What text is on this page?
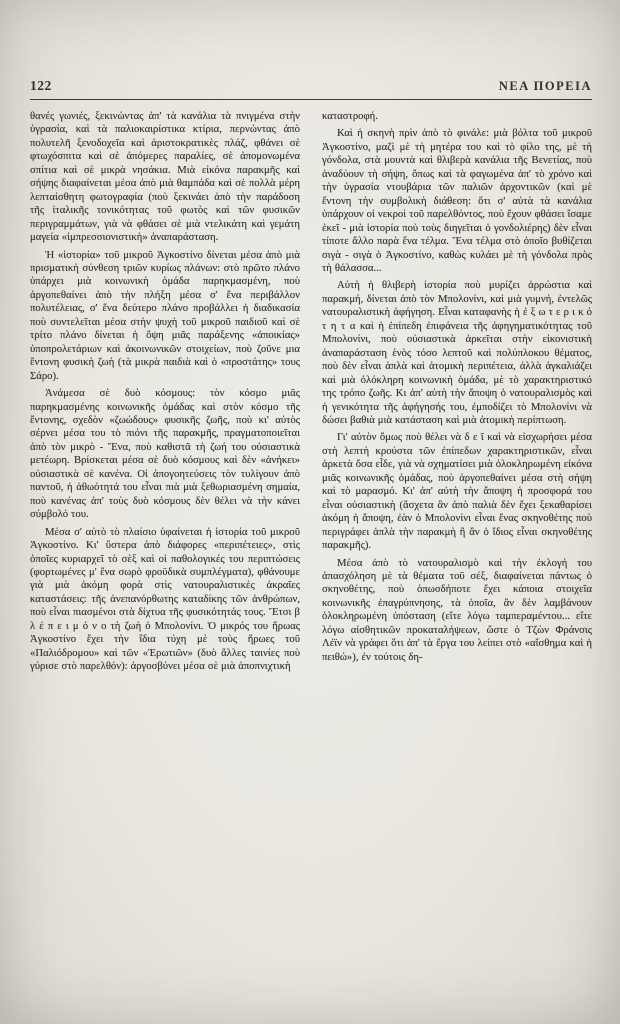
122	ΝΕΑ ΠΟΡΕΙΑ

θανές γωνιές, ξεκινώντας ἀπ' τὰ κανάλια τὰ πνιγμένα στὴν ὑγρασία, καὶ τὰ παλιοκαιρίστικα κτίρια, περνώντας ἀπὸ πολυτελῆ ξενοδοχεῖα καὶ ἀριστοκρατικὲς πλάζ, φθάνει σὲ φτωχόσπιτα καὶ σὲ ἀπόμερες παραλίες, σὲ ἀπομονωμένα σπίτια καὶ σὲ μικρὰ νησάκια. Μιὰ εἰκόνα παρακμῆς καὶ σήψης διαφαίνεται μέσα ἀπὸ μιὰ θαμπάδα καὶ σὲ πολλὰ μέρη λεπταίσθητη φωτογραφία (ποὺ ξεκινάει ἀπὸ τὴν παράδοση τῆς ἰταλικῆς τονικότητας τοῦ φωτὸς καὶ τῶν φυσικῶν περιγραμμάτων, γιὰ νὰ φθάσει σὲ μιὰ ντελικάτη καὶ γεμάτη μαγεία «ἰμπρεσσιονιστικὴ» ἀναπαράσταση.

Ἡ «ἱστορία» τοῦ μικροῦ Ἀγκοστίνο δίνεται μέσα ἀπὸ μιὰ πρισματικὴ σύνθεση τριῶν κυρίως πλάνων: στὸ πρῶτο πλάνο ὑπάρχει μιὰ κοινωνικὴ ὁμάδα παρηκμασμένη, ποὺ ἀργοπεθαίνει ἀπὸ τὴν πλήξη μέσα σ' ἕνα περιβάλλον πολυτέλειας, σ' ἕνα δεύτερο πλάνο προβάλλει ἡ διαδικασία ποὺ συντελεῖται μέσα στὴν ψυχὴ τοῦ μικροῦ παιδιοῦ καὶ σὲ τρίτο πλάνο δίνεται ἡ ὄψη μιᾶς παράξενης «ἀποικίας» ὑποπρολετάριων καὶ ἀκοινωνικῶν στοιχείων, ποὺ ζοῦνε μια ἔντονη φυσικὴ ζωὴ (τὰ μικρὰ παιδιὰ καὶ ὁ «προστάτης» τους Σάρο).

Ἀνάμεσα σὲ δυὸ κόσμους: τὸν κόσμο μιᾶς παρηκμασμένης κοινωνικῆς ὁμάδας καὶ στὸν κόσμο τῆς ἔντονης, σχεδὸν «ζωώδους» φυσικῆς ζωῆς, ποὺ κι' αὐτὸς σέρνει μέσα του τὸ πιόνι τῆς παρακμῆς, πραγματοποιεῖται ἀπὸ τὸν μικρὸ - Ἕνα, ποὺ καθιστᾶ τὴ ζωή του οὐσιαστικὰ μετέωρη. Βρίσκεται μέσα σὲ δυὸ κόσμους καὶ δὲν «ἀνήκει» οὐσιαστικὰ σὲ κανένα. Οἱ ἀπογοητεύσεις τὸν τυλίγουν ἀπὸ παντοῦ, ἡ ἀθωότητά του εἶναι πιὰ μιὰ ξεθωριασμένη σημαία, ποὺ κανένας ἀπ' τοὺς δυὸ κόσμους δὲν θέλει νὰ τὴν κάνει σύμβολό του.

Μέσα σ' αὐτὸ τὸ πλαίσιο ὑφαίνεται ἡ ἱστορία τοῦ μικροῦ Ἀγκοστίνο. Κι' ὕστερα ἀπὸ διάφορες «περιπέτειες», στὶς ὁποῖες κυριαρχεῖ τὸ σὲξ καὶ οἱ παθολογικές του περιπτώσεις (φορτωμένες μ' ἕνα σωρὸ φροϋδικὰ συμπλέγματα), φθάνουμε γιὰ μιὰ ἀκόμη φορὰ στὶς νατουραλιστικὲς ἀκραῖες καταστάσεις: τῆς ἀνεπανόρθωτης καταδίκης τῶν ἀνθρώπων, ποὺ εἶναι πιασμένοι στὰ δίχτυα τῆς φυσικότητάς τους. Ἔτσι β λ έ π ε ι μ ό ν ο τὴ ζωὴ ὁ Μπολονίνι. Ὁ μικρός του ἥρωας Ἀγκοστίνο ἔχει τὴν ἴδια τύχη μὲ τοὺς ἥρωες τοῦ «Παλιόδρομου» καὶ τῶν «Ἐρωτιῶν» (δυὸ ἄλλες ταινίες ποὺ γύρισε στὸ παρελθόν): ἀργοσβύνει μέσα σὲ μιὰ ἀποπνιχτικὴ

καταστροφή.

Καὶ ἡ σκηνὴ πρὶν ἀπὸ τὸ φινάλε: μιὰ βόλτα τοῦ μικροῦ Ἀγκοστίνο, μαζὶ μὲ τὴ μητέρα του καὶ τὸ φίλο της, μὲ τὴ γόνδολα, στὰ μουντὰ καὶ θλιβερὰ κανάλια τῆς Βενετίας, ποὺ ἀναδύουν τὴ σήψη, ὅπως καὶ τὰ φαγωμένα ἀπ' τὸ χρόνο καὶ τὴν ὑγρασία ντουβάρια τῶν παλιῶν ἀρχοντικῶν (καὶ μὲ ἔντονη τὴν συμβολικὴ διάθεση: ὅτι σ' αὐτὰ τὰ κανάλια ὑπάρχουν οἱ νεκροὶ τοῦ παρελθόντος, ποὺ ἔχουν φθάσει ἴσαμε ἐκεῖ - μιὰ ἱστορία ποὺ τοὺς διηγεῖται ὁ γονδολιέρης) δὲν εἶναι τίποτε ἄλλο παρὰ ἕνα τέλμα. Ἕνα τέλμα στὸ ὁποῖο βυθίζεται σιγὰ - σιγὰ ὁ Ἀγκοστίνο, καθὼς κυλάει μὲ τὴ γόνδολα πρὸς τὴ θάλασσα...

Αὐτὴ ἡ θλιβερὴ ἱστορία ποὺ μυρίζει ἀρρώστια καὶ παρακμή, δίνεται ἀπὸ τὸν Μπολονίνι, καὶ μιὰ γυμνή, ἐντελῶς νατουραλιστικὴ ἀφήγηση. Εἶναι καταφανὴς ἡ ἐ ξ ω τ ε ρ ι κ ό τ η τ α καὶ ἡ ἐπίπεδη ἐπιφάνεια τῆς ἀφηγηματικότητας τοῦ Μπολονίνι, ποὺ οὐσιαστικὰ ἀρκεῖται στὴν εἰκονιστικὴ ἀναπαράσταση ἑνὸς τόσο λεπτοῦ καὶ πολύπλοκου θέματος, ποὺ δὲν εἶναι ἁπλὰ καὶ ἀτομικὴ περιπέτεια, ἀλλὰ ἀγκαλιάζει καὶ μιὰ ὁλόκληρη κοινωνικὴ ὁμάδα, μὲ τὸ χαρακτηριστικό της τρόπο ζωῆς. Κι ἀπ' αὐτὴ τὴν ἄποψη ὁ νατουραλισμὸς καὶ ἡ γενικότητα τῆς ἀφήγησής του, ἐμποδίζει τὸ Μπολονίνι νὰ δώσει βαθιὰ μιὰ κατάσταση καὶ μιὰ ἀτομικὴ περίπτωση.

Γι' αὐτὸν ὅμως ποὺ θέλει νὰ δ ε ῖ καὶ νὰ εἰσχωρήσει μέσα στὴ λεπτὴ κρούστα τῶν ἐπίπεδων χαρακτηριστικῶν, εἶναι ἀρκετὰ ὅσα εἶδε, γιὰ νὰ σχηματίσει μιὰ ὁλοκληρωμένη εἰκόνα μιᾶς κοινωνικῆς ὁμάδας, ποὺ ἀργοπεθαίνει μέσα στὴ σήψη καὶ τὸ μαρασμό. Κι' ἀπ' αὐτὴ τὴν ἄποψη ἡ προσφορά του εἶναι οὐσιαστικὴ (ἄσχετα ἂν ἀπὸ παλιὰ δὲν ἔχει ξεκαθαρίσει ἀκόμη ἡ ἄποψη, ἐὰν ὁ Μπολονίνι εἶναι ἕνας σκηνοθέτης ποὺ περιγράφει ἁπλὰ τὴν παρακμὴ ἢ ἂν ὁ ἴδιος εἶναι σκηνοθέτης παρακμῆς).

Μέσα ἀπὸ τὸ νατουραλισμὸ καὶ τὴν ἐκλογή του ἀπασχόληση μὲ τὰ θέματα τοῦ σέξ, διαφαίνεται πάντως ὁ σκηνοθέτης, ποὺ ὁπωσδήποτε ἔχει κάποια στοιχεῖα κοινωνικῆς ἐπαγρύπνησης, τὰ ὁποῖα, ἂν δὲν λαμβάνουν ὁλοκληρωμένη ὑπόσταση (εἴτε λόγω ταμπεραμέντου... εἴτε λόγω αἰσθητικῶν προκαταλήψεων, ὥστε ὁ Τζὼν Φράνσις Λέϊν νὰ γράφει ὅτι ἀπ' τὰ ἔργα του λείπει στὸ «αἴσθημα καὶ ἡ πειθώ»), ἐν τούτοις δη-
